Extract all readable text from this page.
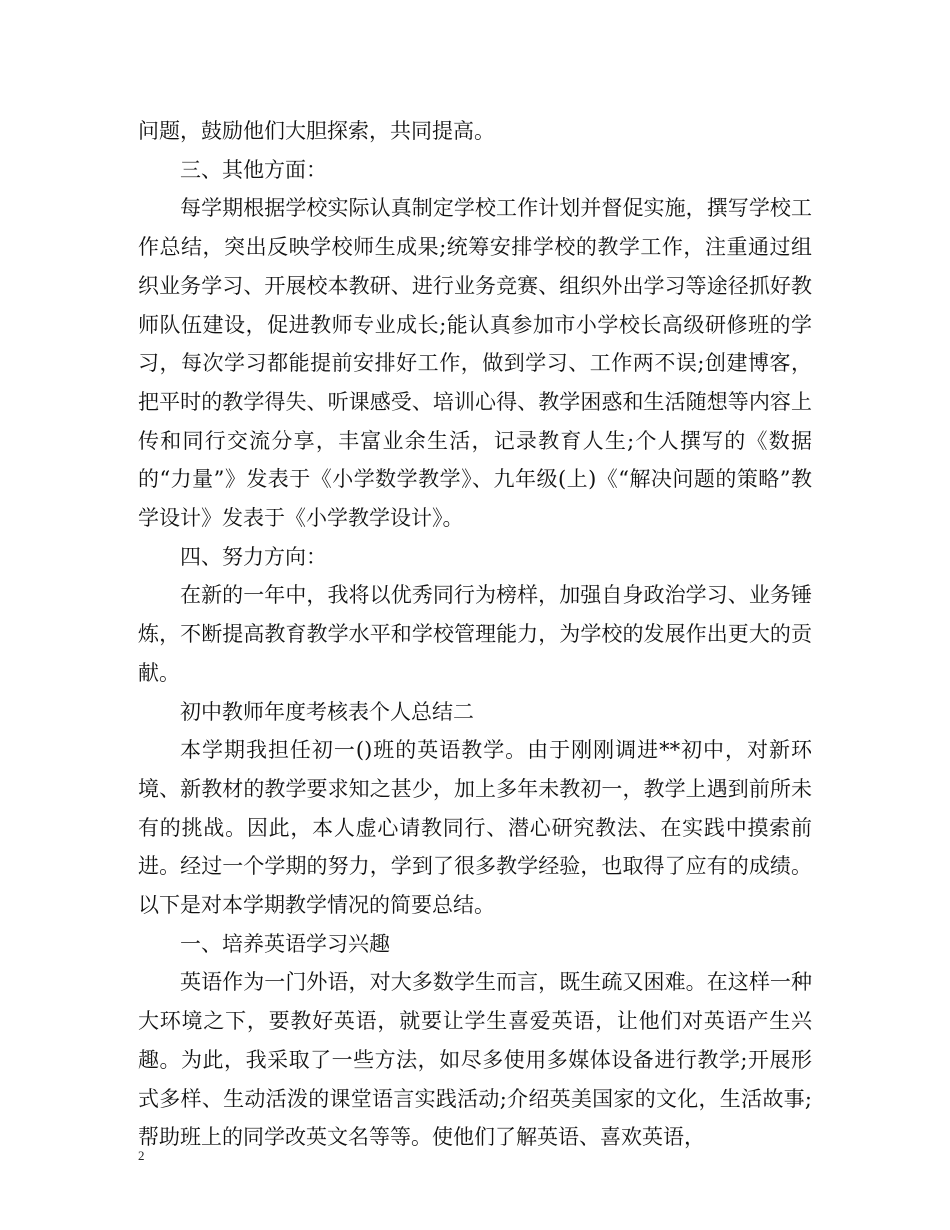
问题，鼓励他们大胆探索，共同提高。

三、其他方面：

每学期根据学校实际认真制定学校工作计划并督促实施，撰写学校工作总结，突出反映学校师生成果;统筹安排学校的教学工作，注重通过组织业务学习、开展校本教研、进行业务竞赛、组织外出学习等途径抓好教师队伍建设，促进教师专业成长;能认真参加市小学校长高级研修班的学习，每次学习都能提前安排好工作，做到学习、工作两不误;创建博客，把平时的教学得失、听课感受、培训心得、教学困惑和生活随想等内容上传和同行交流分享，丰富业余生活，记录教育人生;个人撰写的《数据的“力量”》发表于《小学数学教学》、九年级(上)《“解决问题的策略”教学设计》发表于《小学教学设计》。

四、努力方向：

在新的一年中，我将以优秀同行为榜样，加强自身政治学习、业务锤炼，不断提高教育教学水平和学校管理能力，为学校的发展作出更大的贡献。

初中教师年度考核表个人总结二

本学期我担任初一()班的英语教学。由于刚刚调进**初中，对新环境、新教材的教学要求知之甚少，加上多年未教初一，教学上遇到前所未有的挑战。因此，本人虚心请教同行、潜心研究教法、在实践中摸索前进。经过一个学期的努力，学到了很多教学经验，也取得了应有的成绩。以下是对本学期教学情况的简要总结。

一、培养英语学习兴趣

英语作为一门外语，对大多数学生而言，既生疏又困难。在这样一种大环境之下，要教好英语，就要让学生喜爱英语，让他们对英语产生兴趣。为此，我采取了一些方法，如尽多使用多媒体设备进行教学;开展形式多样、生动活泼的课堂语言实践活动;介绍英美国家的文化，生活故事;帮助班上的同学改英文名等等。使他们了解英语、喜欢英语，

2
